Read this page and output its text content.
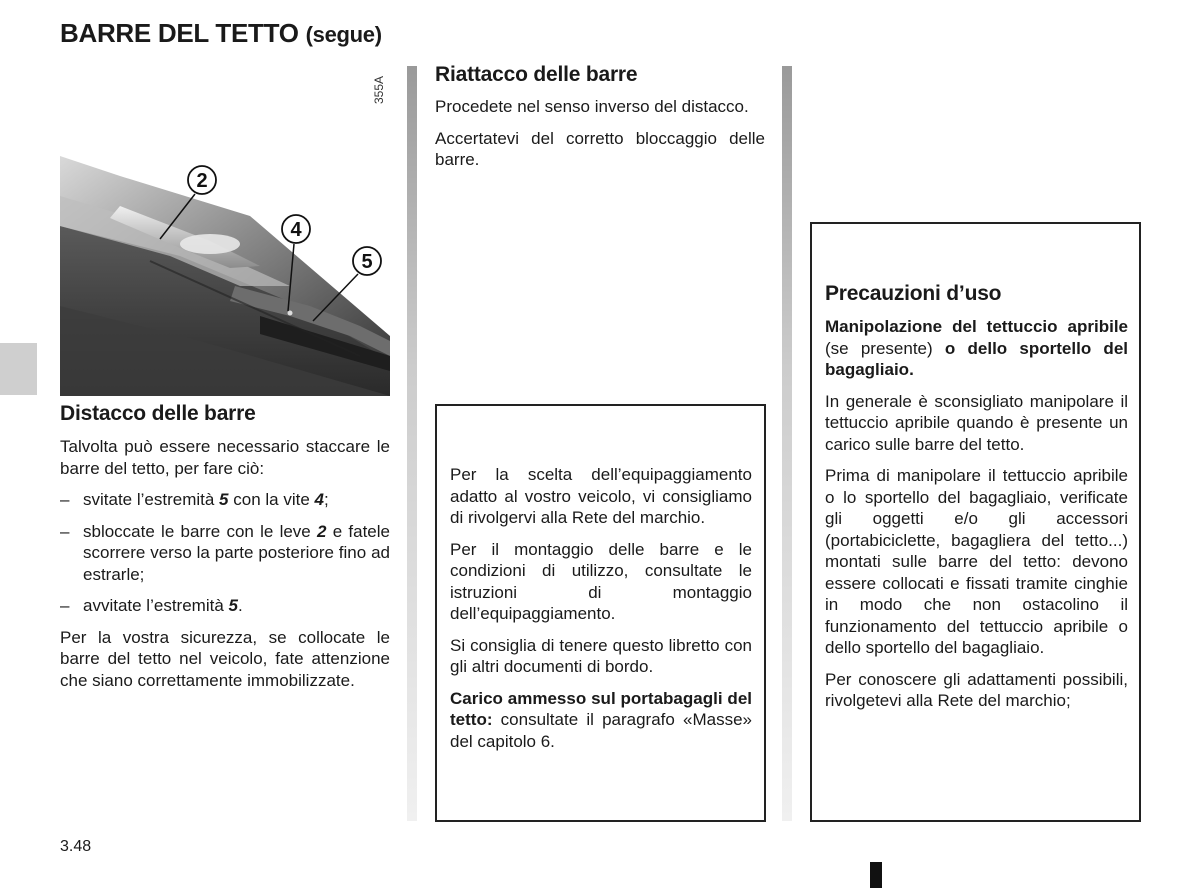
BARRE DEL TETTO (segue)
355A
2
4
5
Distacco delle barre

Talvolta può essere necessario staccare le barre del tetto, per fare ciò:

– svitate l’estremità 5 con la vite 4;
– sbloccate le barre con le leve 2 e fatele scorrere verso la parte posteriore fino ad estrarle;
– avvitate l’estremità 5.

Per la vostra sicurezza, se collocate le barre del tetto nel veicolo, fate attenzione che siano correttamente immobilizzate.

Riattacco delle barre

Procedete nel senso inverso del distacco.

Accertatevi del corretto bloccaggio delle barre.

Per la scelta dell’equipaggiamento adatto al vostro veicolo, vi consigliamo di rivolgervi alla Rete del marchio.

Per il montaggio delle barre e le condizioni di utilizzo, consultate le istruzioni di montaggio dell’equipaggiamento.

Si consiglia di tenere questo libretto con gli altri documenti di bordo.

Carico ammesso sul portabagagli del tetto: consultate il paragrafo «Masse» del capitolo 6.

Precauzioni d’uso

Manipolazione del tettuccio apribile (se presente) o dello sportello del bagagliaio.

In generale è sconsigliato manipolare il tettuccio apribile quando è presente un carico sulle barre del tetto.

Prima di manipolare il tettuccio apribile o lo sportello del bagagliaio, verificate gli oggetti e/o gli accessori (portabiciclette, bagagliera del tetto...) montati sulle barre del tetto: devono essere collocati e fissati tramite cinghie in modo che non ostacolino il funzionamento del tettuccio apribile o dello sportello del bagagliaio.

Per conoscere gli adattamenti possibili, rivolgetevi alla Rete del marchio;

3.48
